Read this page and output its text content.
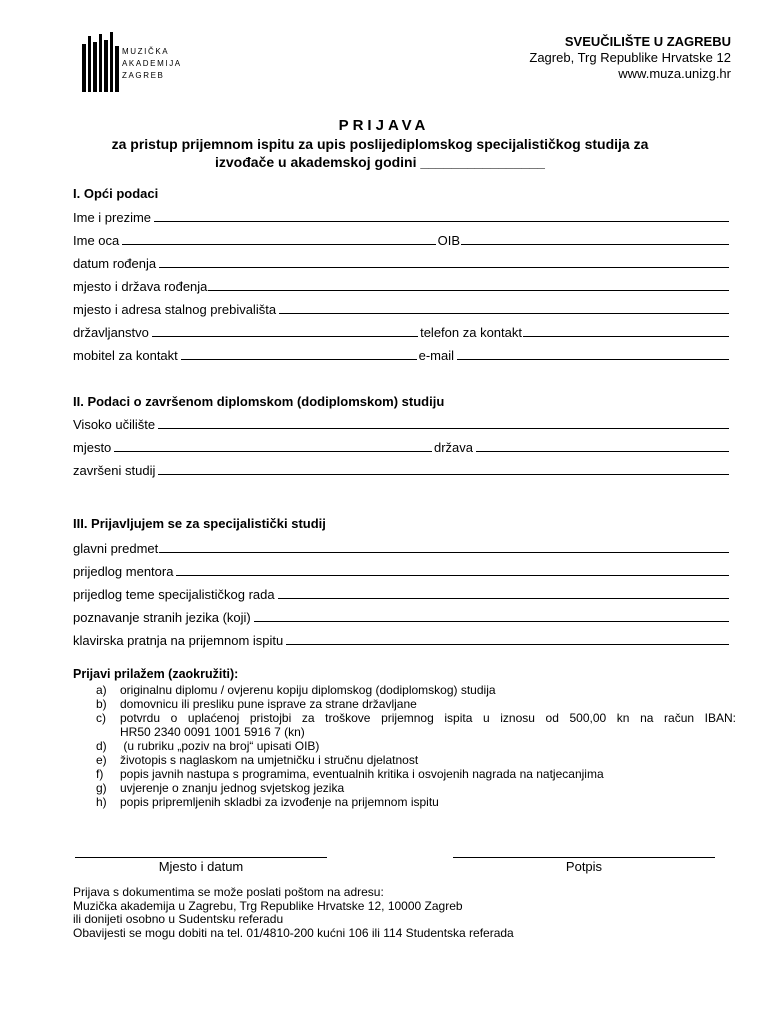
MUZIČKA
AKADEMIJA
ZAGREB
SVEUČILIŠTE U ZAGREBU
Zagreb, Trg Republike Hrvatske 12
www.muza.unizg.hr
PRIJAVA
za pristup prijemnom ispitu za upis poslijediplomskog specijalističkog studija za
izvođače u akademskoj godini ________________
I. Opći podaci
Ime i prezime
Ime oca	OIB
datum rođenja
mjesto i država rođenja
mjesto i adresa stalnog prebivališta
državljanstvo	telefon za kontakt
mobitel za kontakt	e-mail
II. Podaci o završenom diplomskom (dodiplomskom) studiju
Visoko učilište
mjesto	država
završeni studij
III. Prijavljujem se za specijalistički studij
glavni predmet
prijedlog mentora
prijedlog teme specijalističkog rada
poznavanje stranih jezika (koji)
klavirska pratnja na prijemnom ispitu
Prijavi prilažem (zaokružiti):
a)	originalnu diplomu / ovjerenu kopiju diplomskog (dodiplomskog) studija
b)	domovnicu ili presliku pune isprave za strane državljane
c)	potvrdu o uplaćenoj pristojbi za troškove prijemnog ispita u iznosu od 500,00 kn na račun IBAN:
HR50 2340 0091 1001 5916 7 (kn)
d)	(u rubriku „poziv na broj“ upisati OIB)
e)	životopis s naglaskom na umjetničku i stručnu djelatnost
f)	popis javnih nastupa s programima, eventualnih kritika i osvojenih nagrada na natjecanjima
g)	uvjerenje o znanju jednog svjetskog jezika
h)	popis pripremljenih skladbi za izvođenje na prijemnom ispitu
Mjesto i datum	Potpis
Prijava s dokumentima se može poslati poštom na adresu:
Muzička akademija u Zagrebu, Trg Republike Hrvatske 12, 10000 Zagreb
ili donijeti osobno u Sudentsku referadu
Obavijesti se mogu dobiti na tel. 01/4810-200 kućni 106 ili 114 Studentska referada
